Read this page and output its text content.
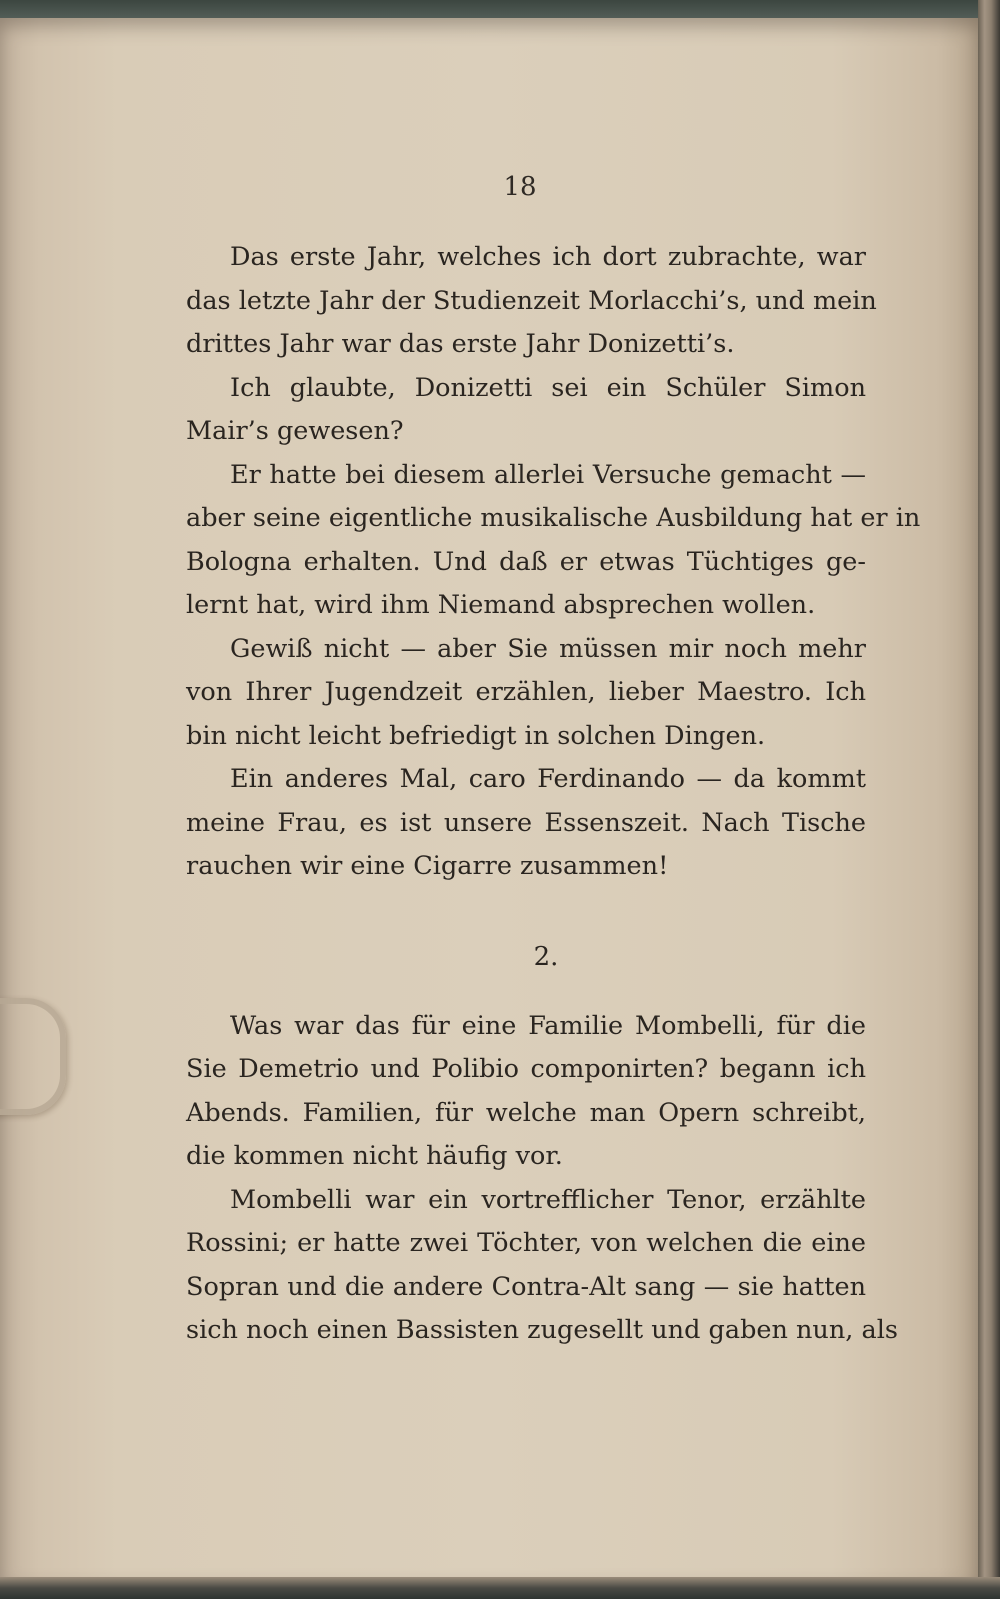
18
Das erste Jahr, welches ich dort zubrachte, war
das letzte Jahr der Studienzeit Morlacchi’s, und mein
drittes Jahr war das erste Jahr Donizetti’s.
Ich glaubte, Donizetti sei ein Schüler Simon
Mair’s gewesen?
Er hatte bei diesem allerlei Versuche gemacht —
aber seine eigentliche musikalische Ausbildung hat er in
Bologna erhalten. Und daß er etwas Tüchtiges ge-
lernt hat, wird ihm Niemand absprechen wollen.
Gewiß nicht — aber Sie müssen mir noch mehr
von Ihrer Jugendzeit erzählen, lieber Maestro. Ich
bin nicht leicht befriedigt in solchen Dingen.
Ein anderes Mal, caro Ferdinando — da kommt
meine Frau, es ist unsere Essenszeit. Nach Tische
rauchen wir eine Cigarre zusammen!
2.
Was war das für eine Familie Mombelli, für die
Sie Demetrio und Polibio componirten? begann ich
Abends. Familien, für welche man Opern schreibt,
die kommen nicht häufig vor.
Mombelli war ein vortrefflicher Tenor, erzählte
Rossini; er hatte zwei Töchter, von welchen die eine
Sopran und die andere Contra-Alt sang — sie hatten
sich noch einen Bassisten zugesellt und gaben nun, als
